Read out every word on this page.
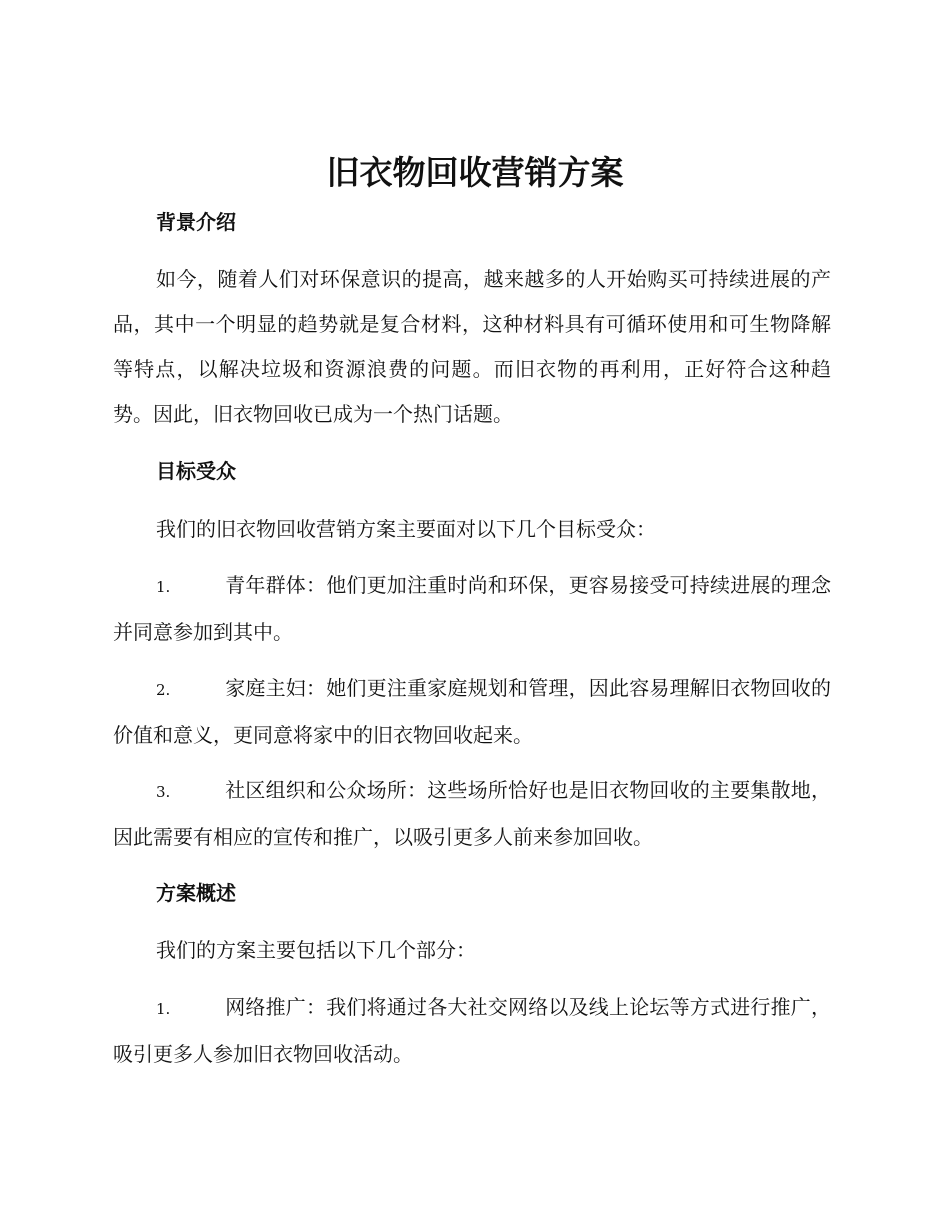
旧衣物回收营销方案
背景介绍

如今，随着人们对环保意识的提高，越来越多的人开始购买可持续进展的产品，其中一个明显的趋势就是复合材料，这种材料具有可循环使用和可生物降解等特点，以解决垃圾和资源浪费的问题。而旧衣物的再利用，正好符合这种趋势。因此，旧衣物回收已成为一个热门话题。

目标受众

我们的旧衣物回收营销方案主要面对以下几个目标受众：

1.	青年群体：他们更加注重时尚和环保，更容易接受可持续进展的理念并同意参加到其中。

2.	家庭主妇：她们更注重家庭规划和管理，因此容易理解旧衣物回收的价值和意义，更同意将家中的旧衣物回收起来。

3.	社区组织和公众场所：这些场所恰好也是旧衣物回收的主要集散地，因此需要有相应的宣传和推广，以吸引更多人前来参加回收。

方案概述

我们的方案主要包括以下几个部分：

1.	网络推广：我们将通过各大社交网络以及线上论坛等方式进行推广，吸引更多人参加旧衣物回收活动。
